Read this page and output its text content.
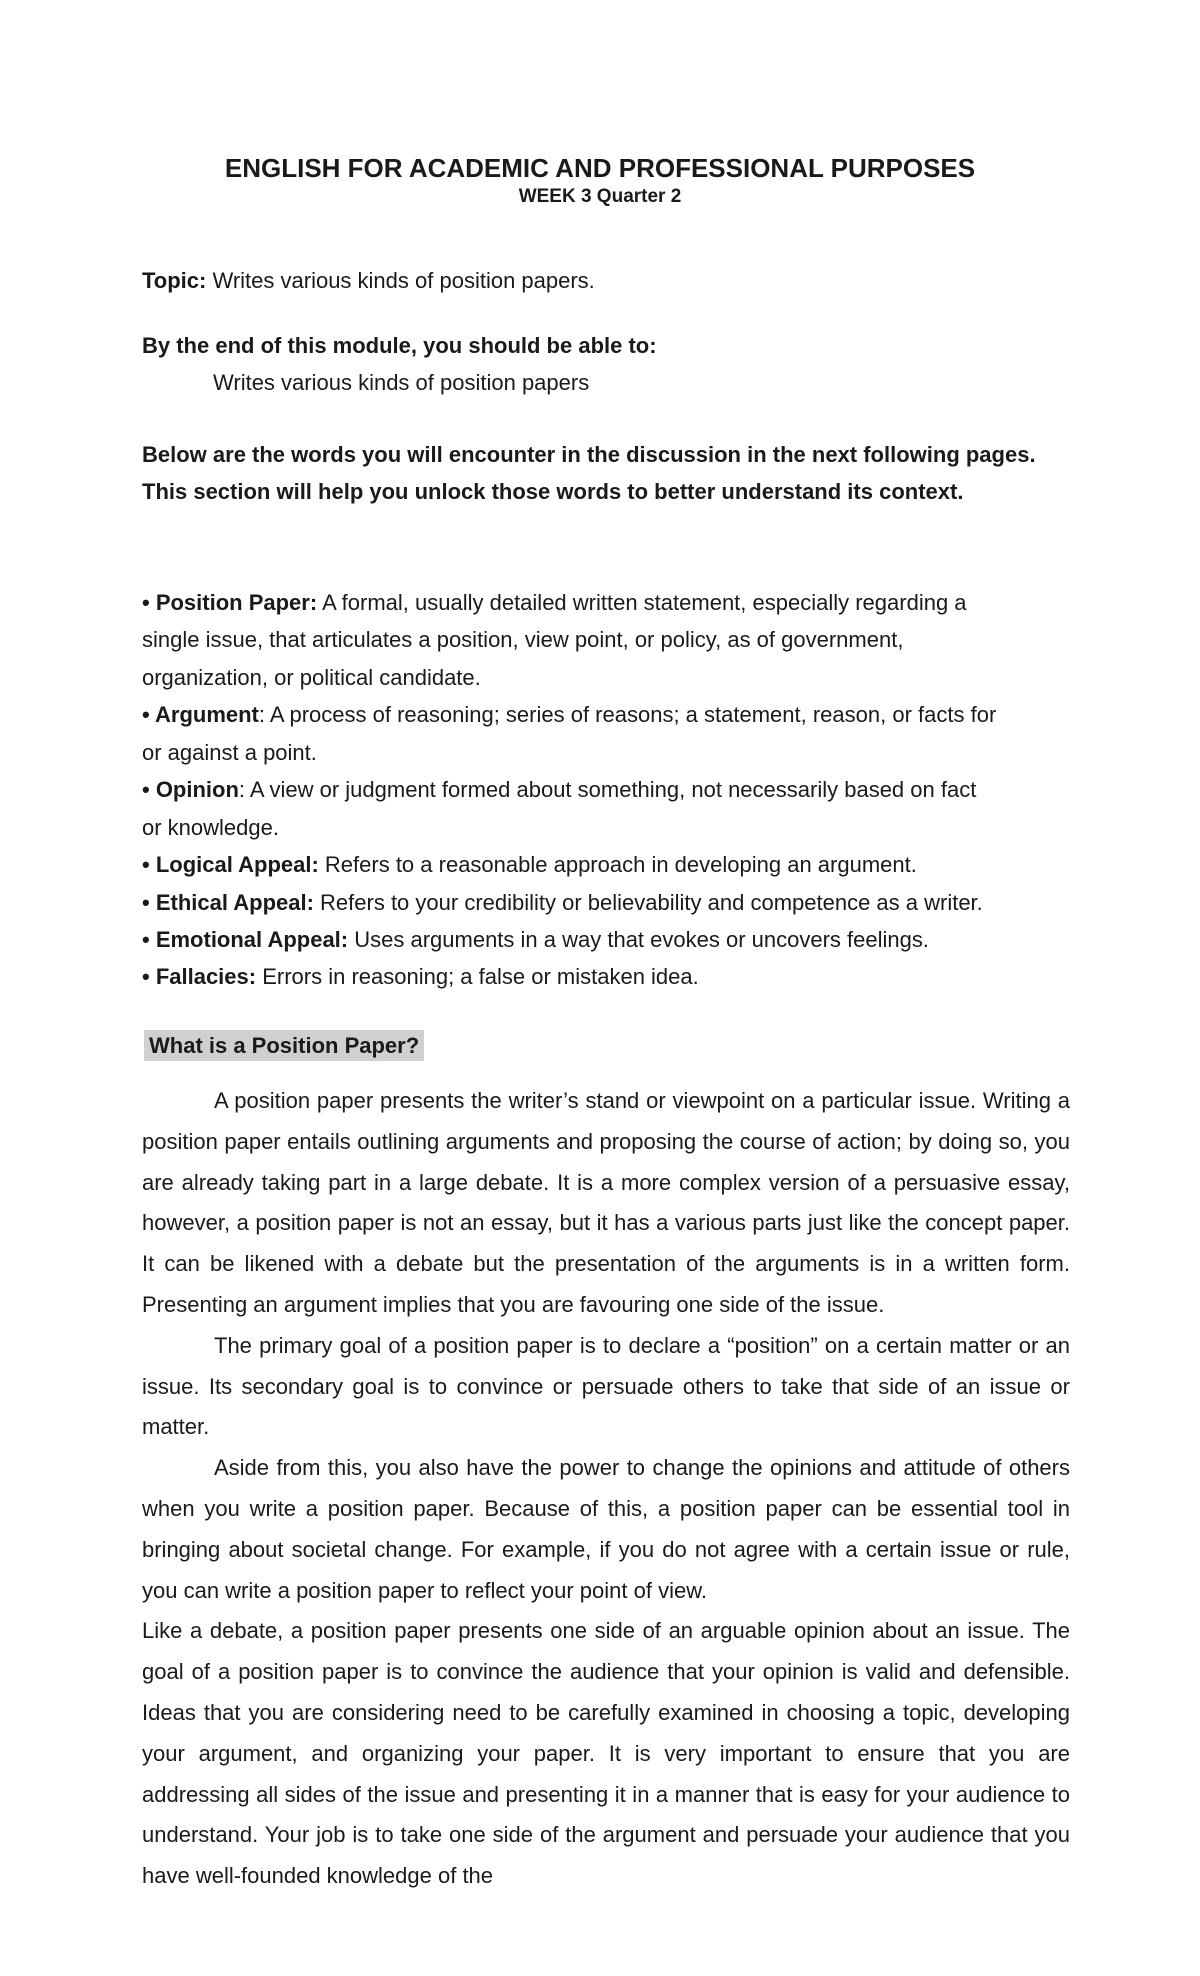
ENGLISH FOR ACADEMIC AND PROFESSIONAL PURPOSES
WEEK 3 Quarter 2
Topic: Writes various kinds of position papers.
By the end of this module, you should be able to:
Writes various kinds of position papers

Below are the words you will encounter in the discussion in the next following pages. This section will help you unlock those words to better understand its context.

• Position Paper: A formal, usually detailed written statement, especially regarding a
single issue, that articulates a position, view point, or policy, as of government,
organization, or political candidate.
• Argument: A process of reasoning; series of reasons; a statement, reason, or facts for
or against a point.
• Opinion: A view or judgment formed about something, not necessarily based on fact
or knowledge.
• Logical Appeal: Refers to a reasonable approach in developing an argument.
• Ethical Appeal: Refers to your credibility or believability and competence as a writer.
• Emotional Appeal: Uses arguments in a way that evokes or uncovers feelings.
• Fallacies: Errors in reasoning; a false or mistaken idea.
What is a Position Paper?

A position paper presents the writer’s stand or viewpoint on a particular issue. Writing a position paper entails outlining arguments and proposing the course of action; by doing so, you are already taking part in a large debate. It is a more complex version of a persuasive essay, however, a position paper is not an essay, but it has a various parts just like the concept paper. It can be likened with a debate but the presentation of the arguments is in a written form. Presenting an argument implies that you are favouring one side of the issue.

The primary goal of a position paper is to declare a “position” on a certain matter or an issue. Its secondary goal is to convince or persuade others to take that side of an issue or matter.

Aside from this, you also have the power to change the opinions and attitude of others when you write a position paper. Because of this, a position paper can be essential tool in bringing about societal change. For example, if you do not agree with a certain issue or rule, you can write a position paper to reflect your point of view.

Like a debate, a position paper presents one side of an arguable opinion about an issue. The goal of a position paper is to convince the audience that your opinion is valid and defensible. Ideas that you are considering need to be carefully examined in choosing a topic, developing your argument, and organizing your paper. It is very important to ensure that you are addressing all sides of the issue and presenting it in a manner that is easy for your audience to understand. Your job is to take one side of the argument and persuade your audience that you have well-founded knowledge of the
